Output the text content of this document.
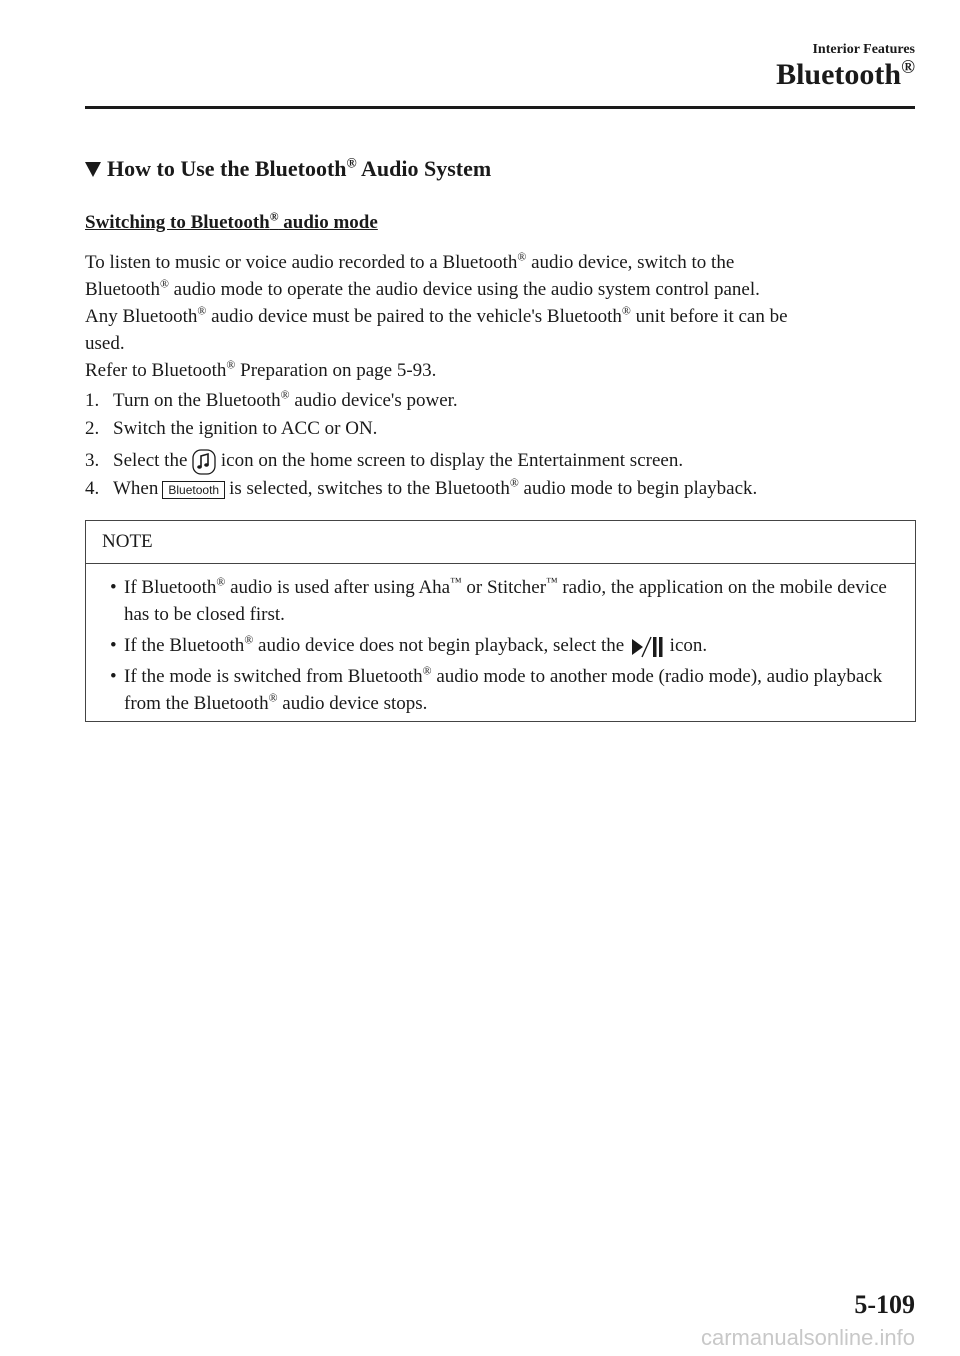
Interior Features
Bluetooth®
How to Use the Bluetooth® Audio System
Switching to Bluetooth® audio mode
To listen to music or voice audio recorded to a Bluetooth® audio device, switch to the
Bluetooth® audio mode to operate the audio device using the audio system control panel.
Any Bluetooth® audio device must be paired to the vehicle's Bluetooth® unit before it can be
used.
Refer to Bluetooth® Preparation on page 5-93.
1. Turn on the Bluetooth® audio device's power.
2. Switch the ignition to ACC or ON.
3. Select the  icon on the home screen to display the Entertainment screen.
4. When Bluetooth is selected, switches to the Bluetooth® audio mode to begin playback.
NOTE
• If Bluetooth® audio is used after using Aha™ or Stitcher™ radio, the application on the mobile device has to be closed first.
• If the Bluetooth® audio device does not begin playback, select the  icon.
• If the mode is switched from Bluetooth® audio mode to another mode (radio mode), audio playback from the Bluetooth® audio device stops.
5-109
carmanualsonline.info
